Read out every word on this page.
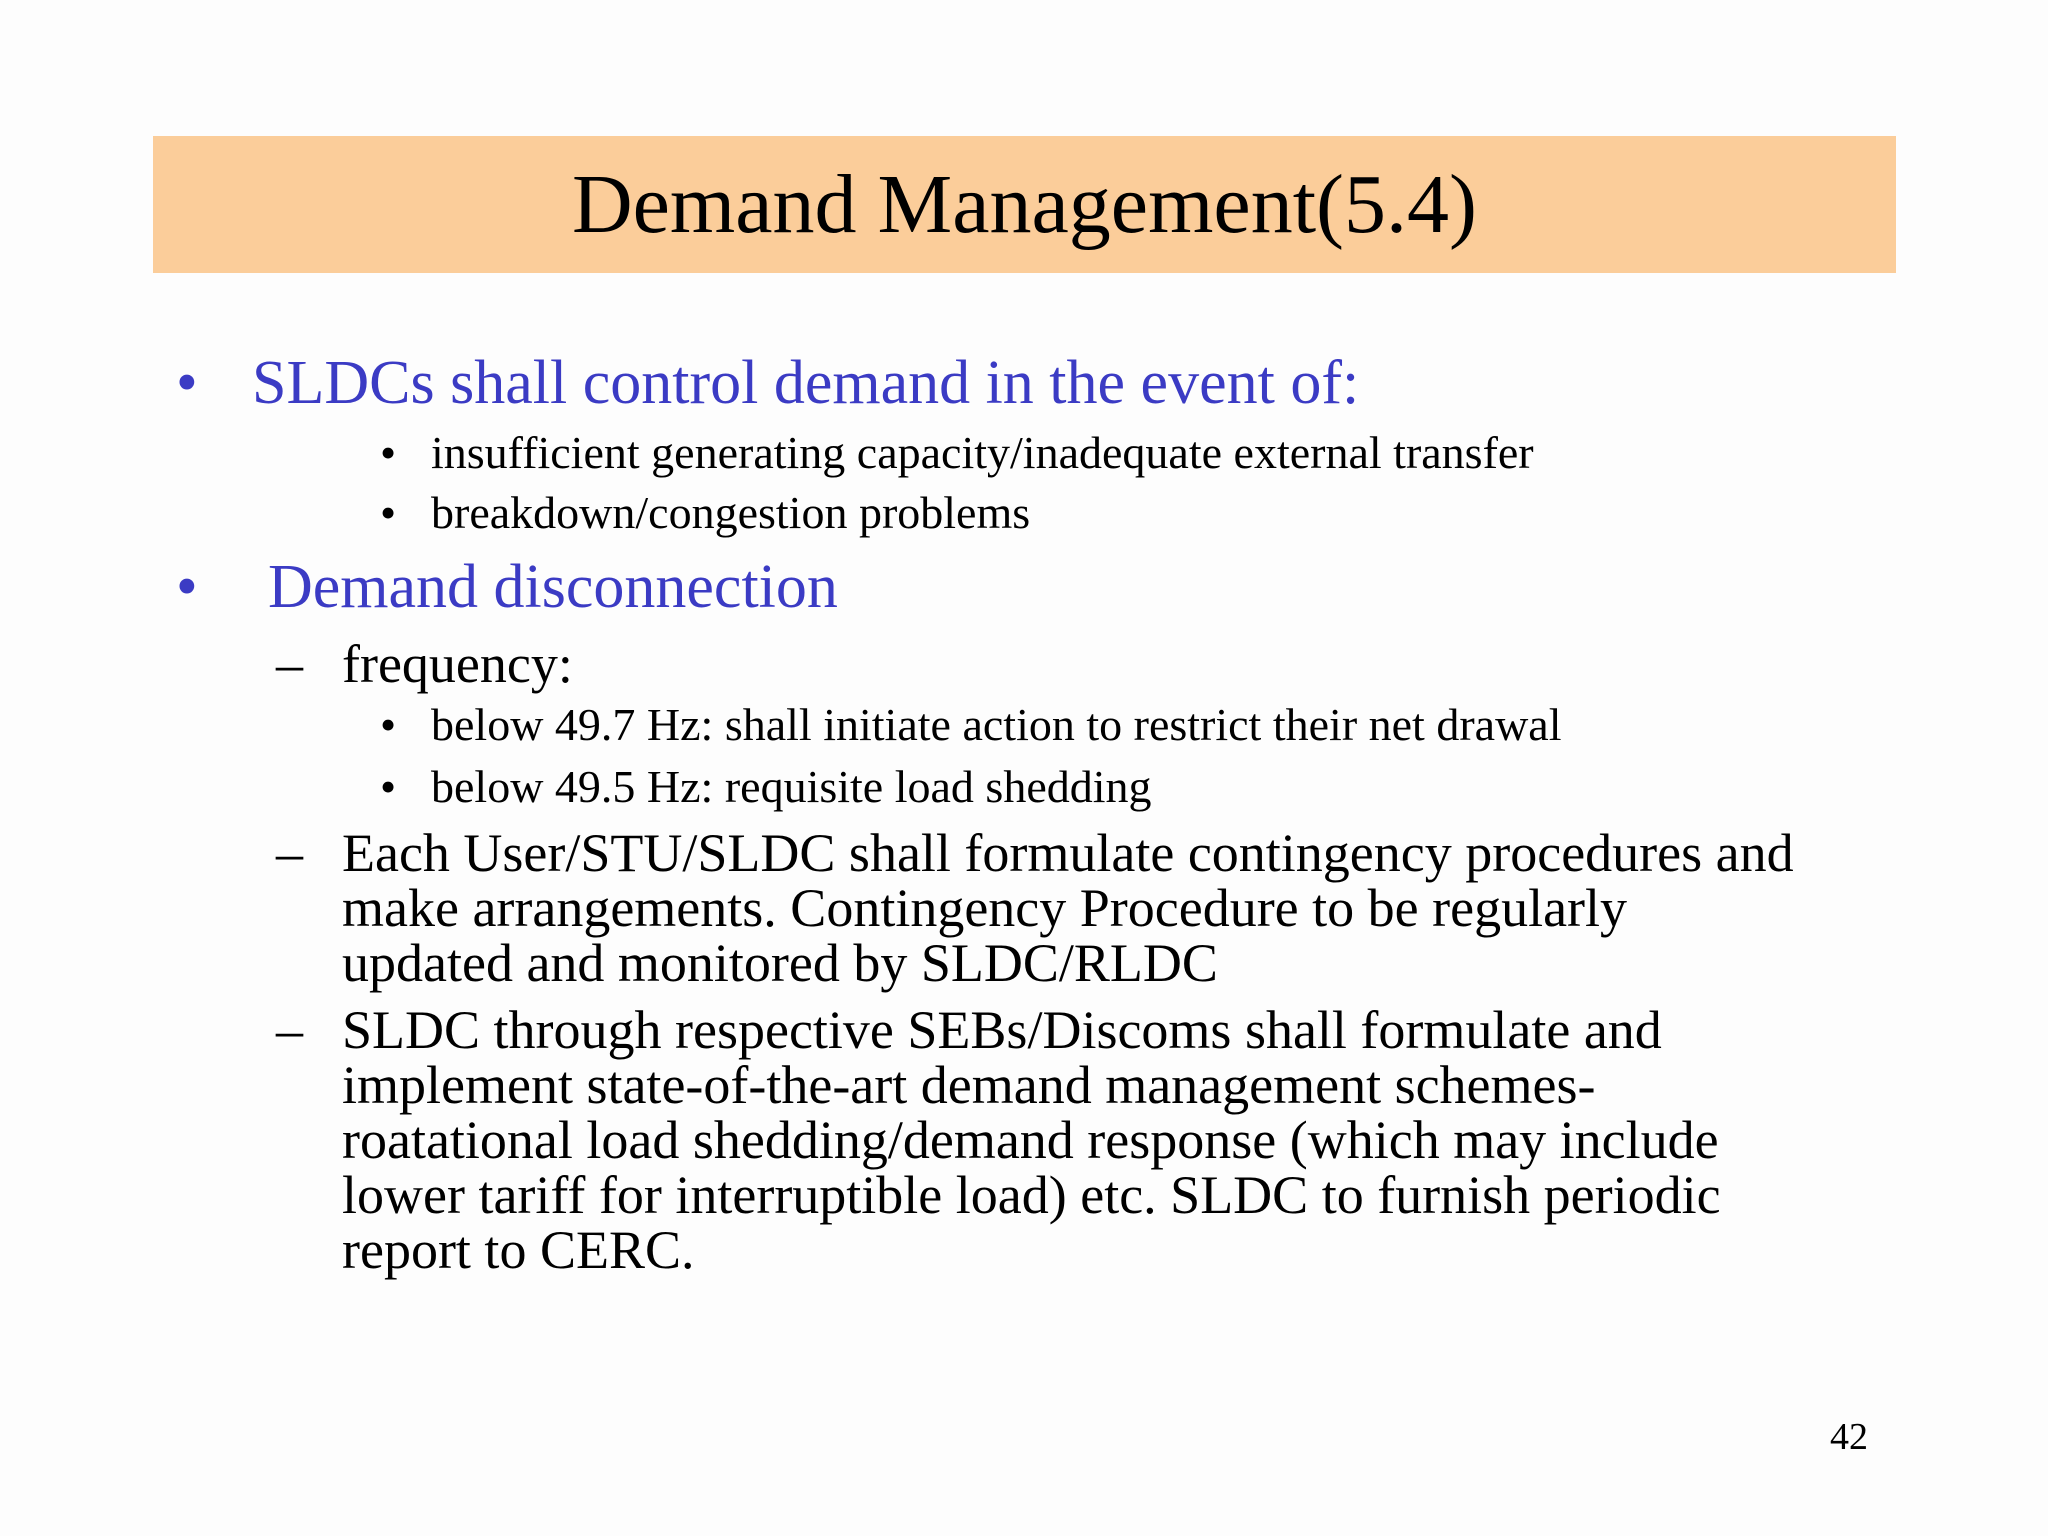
Demand Management(5.4)
• SLDCs shall control demand in the event of:
• insufficient generating capacity/inadequate external transfer
• breakdown/congestion problems
• Demand disconnection
– frequency:
• below 49.7 Hz: shall initiate action to restrict their net drawal
• below 49.5 Hz: requisite load shedding
– Each User/STU/SLDC shall formulate contingency procedures and
make arrangements. Contingency Procedure to be regularly
updated and monitored by SLDC/RLDC
– SLDC through respective SEBs/Discoms shall formulate and
implement state-of-the-art demand management schemes-
roatational load shedding/demand response (which may include
lower tariff for interruptible load) etc. SLDC to furnish periodic
report to CERC.
42
